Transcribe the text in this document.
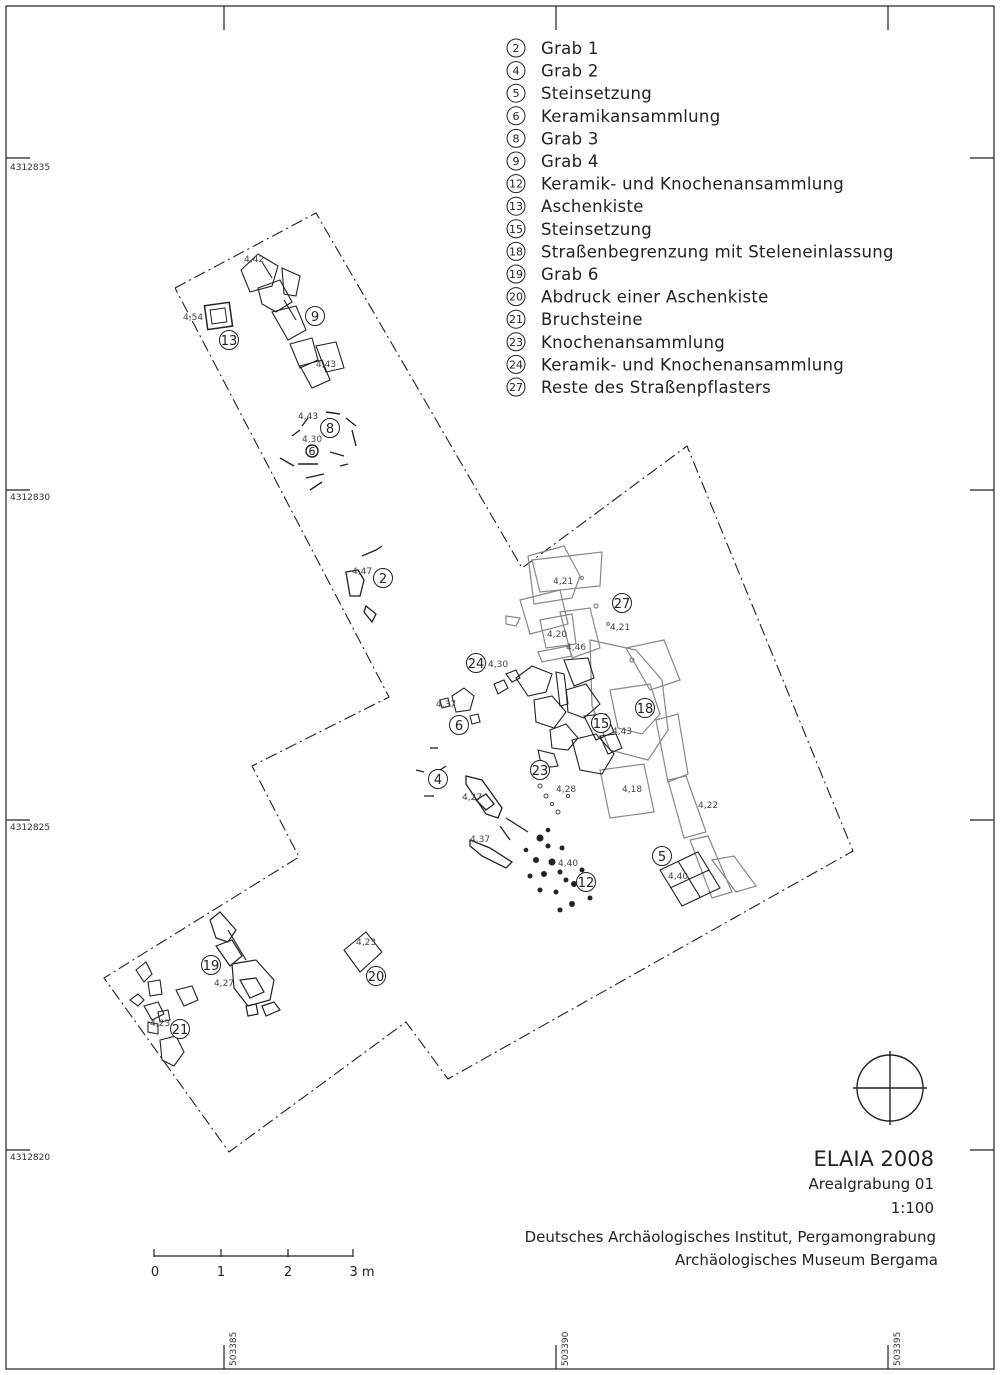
4312835
4312830
4312825
4312820
503385	503390	503395
13
9
8
6
2
24
6
27
15
18
4
23
5
12
19
20
21
4,42
4,54
4,43
4,43
4,30
4,47
4,21
4,21
4,20
4,46
4,30
4,37
4,43
4,28	4,18
4,22
4,27
4,37
4,40
4,40
4,23
4,27
4,23
2 Grab 1
4 Grab 2
5 Steinsetzung
6 Keramikansammlung
8 Grab 3
9 Grab 4
12 Keramik- und Knochenansammlung
13 Aschenkiste
15 Steinsetzung
18 Straßenbegrenzung mit Steleneinlassung
19 Grab 6
20 Abdruck einer Aschenkiste
21 Bruchsteine
23 Knochenansammlung
24 Keramik- und Knochenansammlung
27 Reste des Straßenpflasters
ELAIA 2008
Arealgrabung 01
1:100
Deutsches Archäologisches Institut, Pergamongrabung
Archäologisches Museum Bergama
0	1	2	3 m
